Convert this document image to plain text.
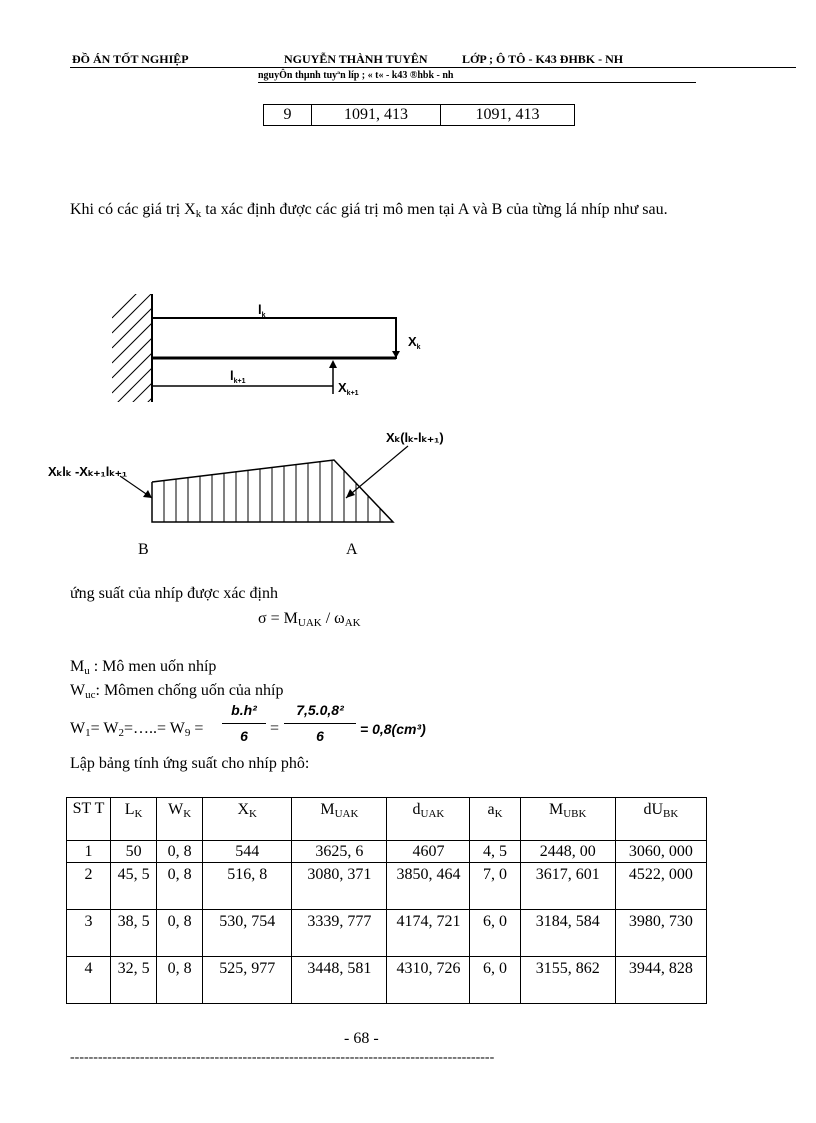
ĐỒ ÁN TỐT NGHIỆP	NGUYỄN THÀNH TUYÊN	LỚP ; Ô TÔ - K43 ĐHBK - NH
nguyÔn thµnh tuyªn líp ; « t« - k43 ®hbk - nh
9	1091, 413	1091, 413
Khi có các giá trị $X_k$ ta xác định được các giá trị mô men tại A và B của từng lá nhíp như sau.
$l_k$
$X_k$
$l_{k+1}$	$X_{k+1}$
Xₖlₖ -Xₖ₊₁lₖ₊₁
Xₖ(lₖ-lₖ₊₁)
B	A
ứng suất của nhíp được xác định
$\sigma = M_{UAK} / \omega_{AK}$
$M_u$ : Mô men uốn nhíp
$W_{uc}$: Mômen chống uốn của nhíp
$W_1=$ $W_2=\dots..= W_9$ =
b.h²
6	=
7,5.0,8²
6	= 0,8(cm³)
Lập bảng tính ứng suất cho nhíp phô:
ST T	$L_K$	$W_K$	$X_K$	$M_{UAK}$	$d_{UAK}$	$a_K$	$M_{UBK}$	$dU_{BK}$
1	50	0, 8	544	3625, 6	4607	4, 5	2448, 00	3060, 000
2	45, 5	0, 8	516, 8	3080, 371	3850, 464	7, 0	3617, 601	4522, 000
3	38, 5	0, 8	530, 754	3339, 777	4174, 721	6, 0	3184, 584	3980, 730
4	32, 5	0, 8	525, 977	3448, 581	4310, 726	6, 0	3155, 862	3944, 828
- 68 -
-------------------------------------------------------------------------------------------
